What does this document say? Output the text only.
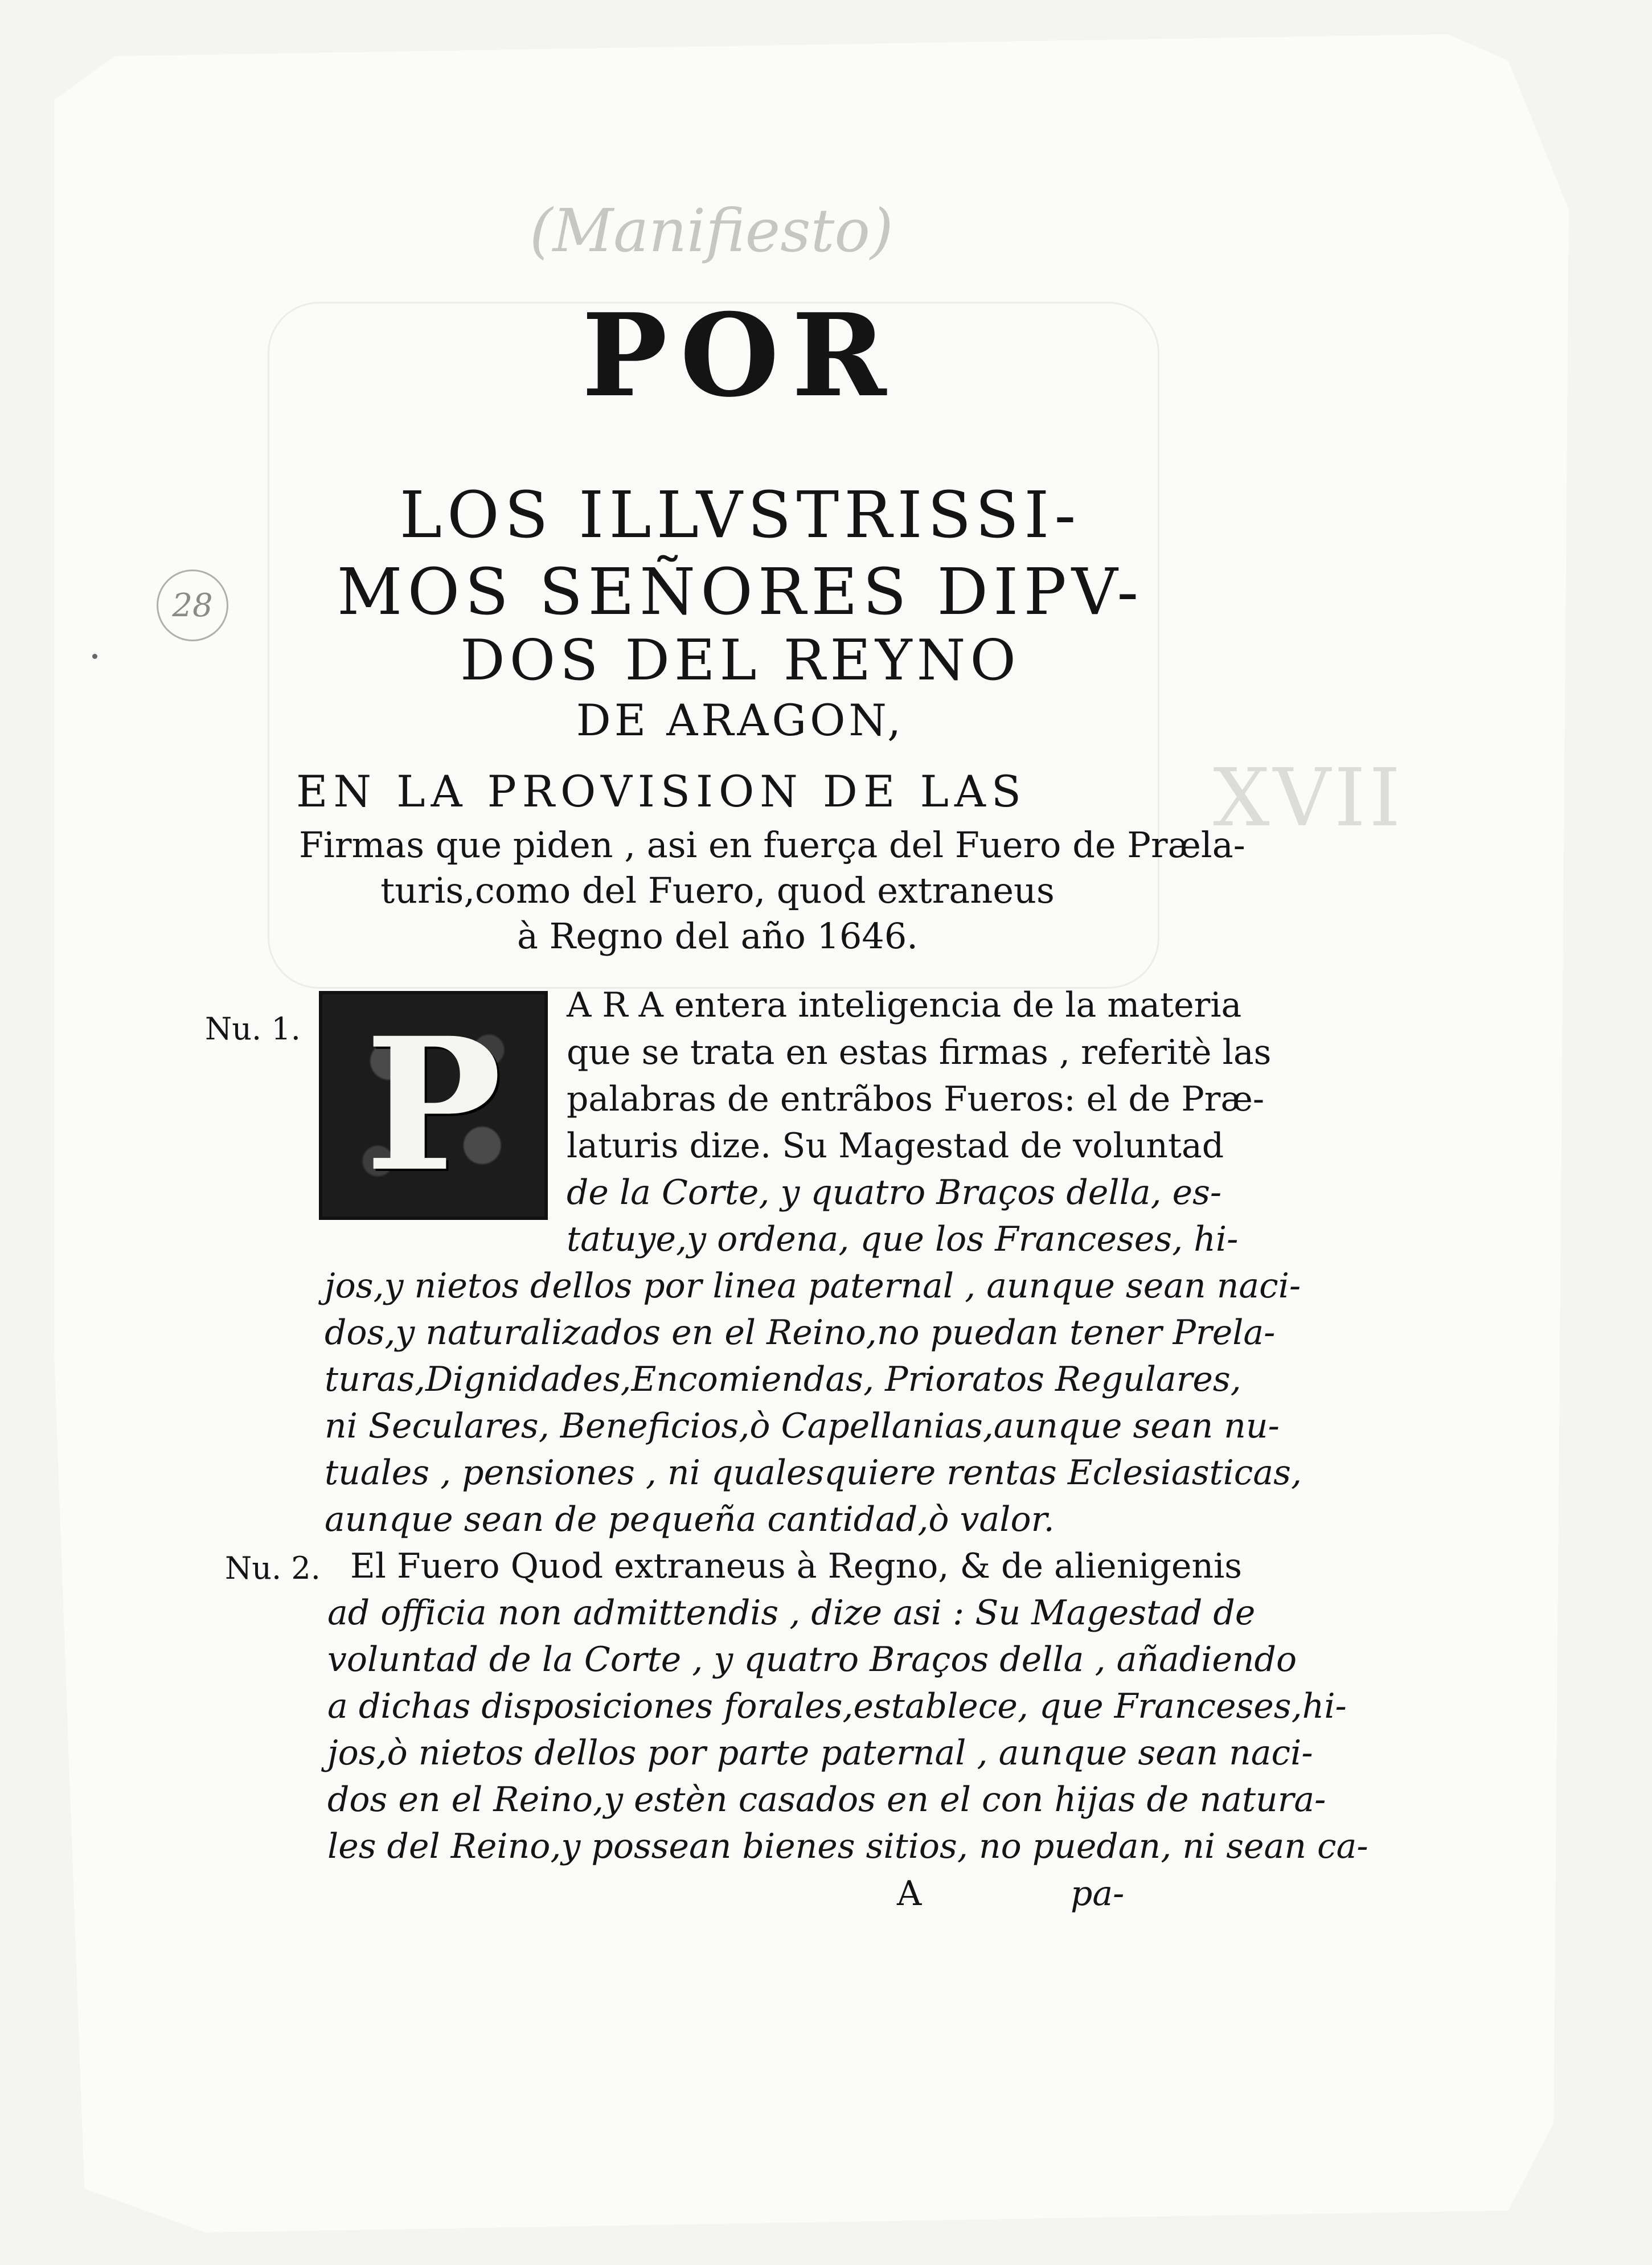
(Manifiesto)
28
XVII
POR
LOS ILLVSTRISSI-
MOS SEÑORES DIPV-
DOS DEL REYNO
DE ARAGON,
EN LA PROVISION DE LAS
Firmas que piden , asi en fuerça del Fuero de Præla-
turis,como del Fuero, quod extraneus
à Regno del año 1646.
Nu. 1. P A R A entera inteligencia de la materia
que se trata en estas firmas , referitè las
palabras de entrãbos Fueros: el de Præ-
laturis dize. Su Magestad de voluntad
de la Corte, y quatro Braços della, es-
tatuye,y ordena, que los Franceses, hi-
jos,y nietos dellos por linea paternal , aunque sean naci-
dos,y naturalizados en el Reino,no puedan tener Prela-
turas,Dignidades,Encomiendas, Prioratos Regulares,
ni Seculares, Beneficios,ò Capellanias,aunque sean nu-
tuales , pensiones , ni qualesquiere rentas Eclesiasticas,
aunque sean de pequeña cantidad,ò valor.
Nu. 2. El Fuero Quod extraneus à Regno, & de alienigenis
ad officia non admittendis , dize asi : Su Magestad de
voluntad de la Corte , y quatro Braços della , añadiendo
a dichas disposiciones forales,establece, que Franceses,hi-
jos,ò nietos dellos por parte paternal , aunque sean naci-
dos en el Reino,y estèn casados en el con hijas de natura-
les del Reino,y possean bienes sitios, no puedan, ni sean ca-
A	pa-
